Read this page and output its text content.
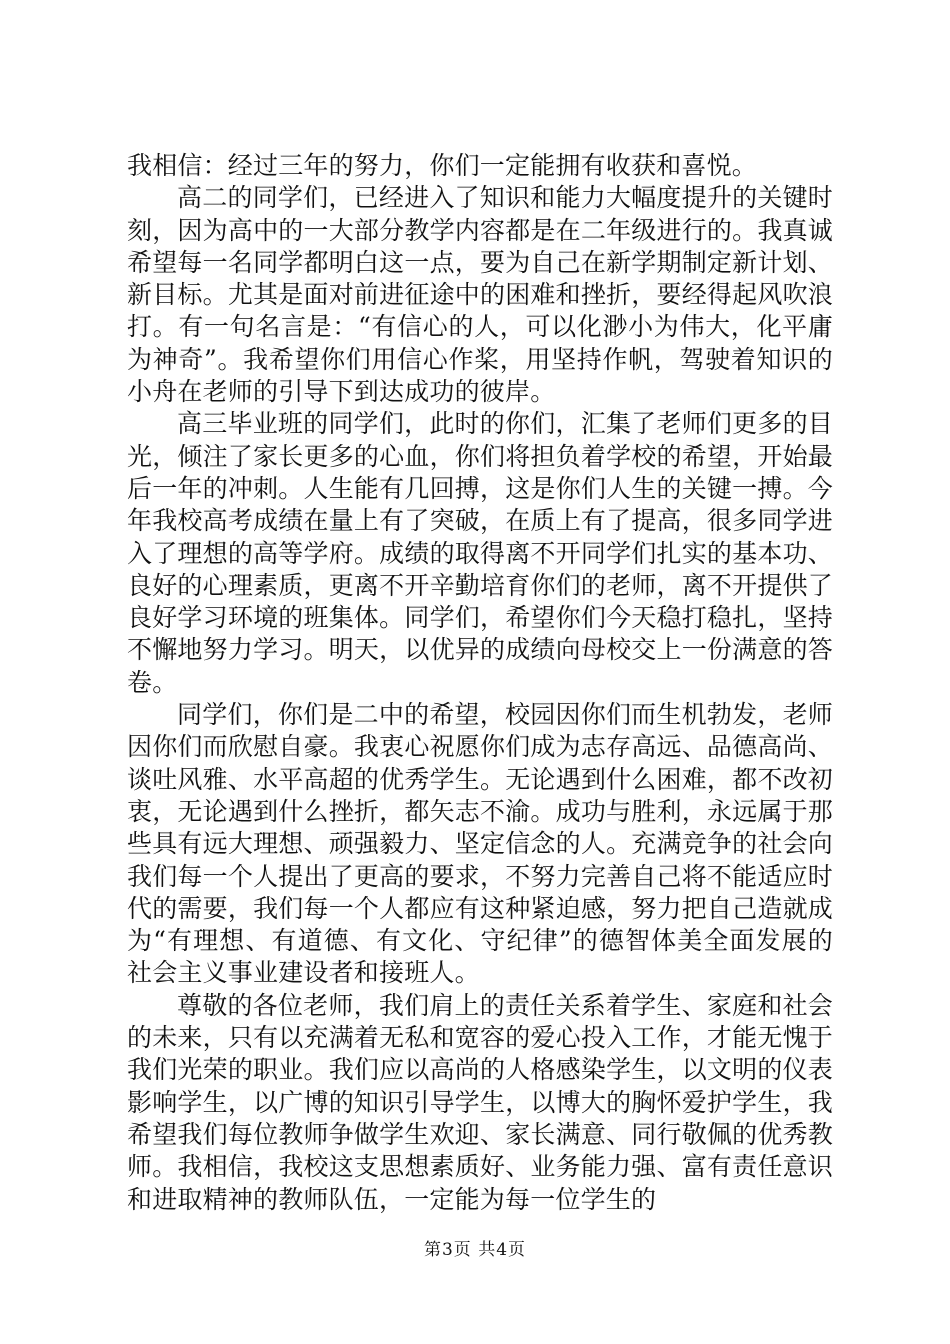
我相信：经过三年的努力，你们一定能拥有收获和喜悦。

高二的同学们，已经进入了知识和能力大幅度提升的关键时刻，因为高中的一大部分教学内容都是在二年级进行的。我真诚希望每一名同学都明白这一点，要为自己在新学期制定新计划、新目标。尤其是面对前进征途中的困难和挫折，要经得起风吹浪打。有一句名言是：“有信心的人，可以化渺小为伟大，化平庸为神奇”。我希望你们用信心作桨，用坚持作帆，驾驶着知识的小舟在老师的引导下到达成功的彼岸。

高三毕业班的同学们，此时的你们，汇集了老师们更多的目光，倾注了家长更多的心血，你们将担负着学校的希望，开始最后一年的冲刺。人生能有几回搏，这是你们人生的关键一搏。今年我校高考成绩在量上有了突破，在质上有了提高，很多同学进入了理想的高等学府。成绩的取得离不开同学们扎实的基本功、良好的心理素质，更离不开辛勤培育你们的老师，离不开提供了良好学习环境的班集体。同学们，希望你们今天稳打稳扎，坚持不懈地努力学习。明天，以优异的成绩向母校交上一份满意的答卷。

同学们，你们是二中的希望，校园因你们而生机勃发，老师因你们而欣慰自豪。我衷心祝愿你们成为志存高远、品德高尚、谈吐风雅、水平高超的优秀学生。无论遇到什么困难，都不改初衷，无论遇到什么挫折，都矢志不渝。成功与胜利，永远属于那些具有远大理想、顽强毅力、坚定信念的人。充满竞争的社会向我们每一个人提出了更高的要求，不努力完善自己将不能适应时代的需要，我们每一个人都应有这种紧迫感，努力把自己造就成为“有理想、有道德、有文化、守纪律”的德智体美全面发展的社会主义事业建设者和接班人。

尊敬的各位老师，我们肩上的责任关系着学生、家庭和社会的未来，只有以充满着无私和宽容的爱心投入工作，才能无愧于我们光荣的职业。我们应以高尚的人格感染学生，以文明的仪表影响学生，以广博的知识引导学生，以博大的胸怀爱护学生，我希望我们每位教师争做学生欢迎、家长满意、同行敬佩的优秀教师。我相信，我校这支思想素质好、业务能力强、富有责任意识和进取精神的教师队伍，一定能为每一位学生的

第3页 共4页
